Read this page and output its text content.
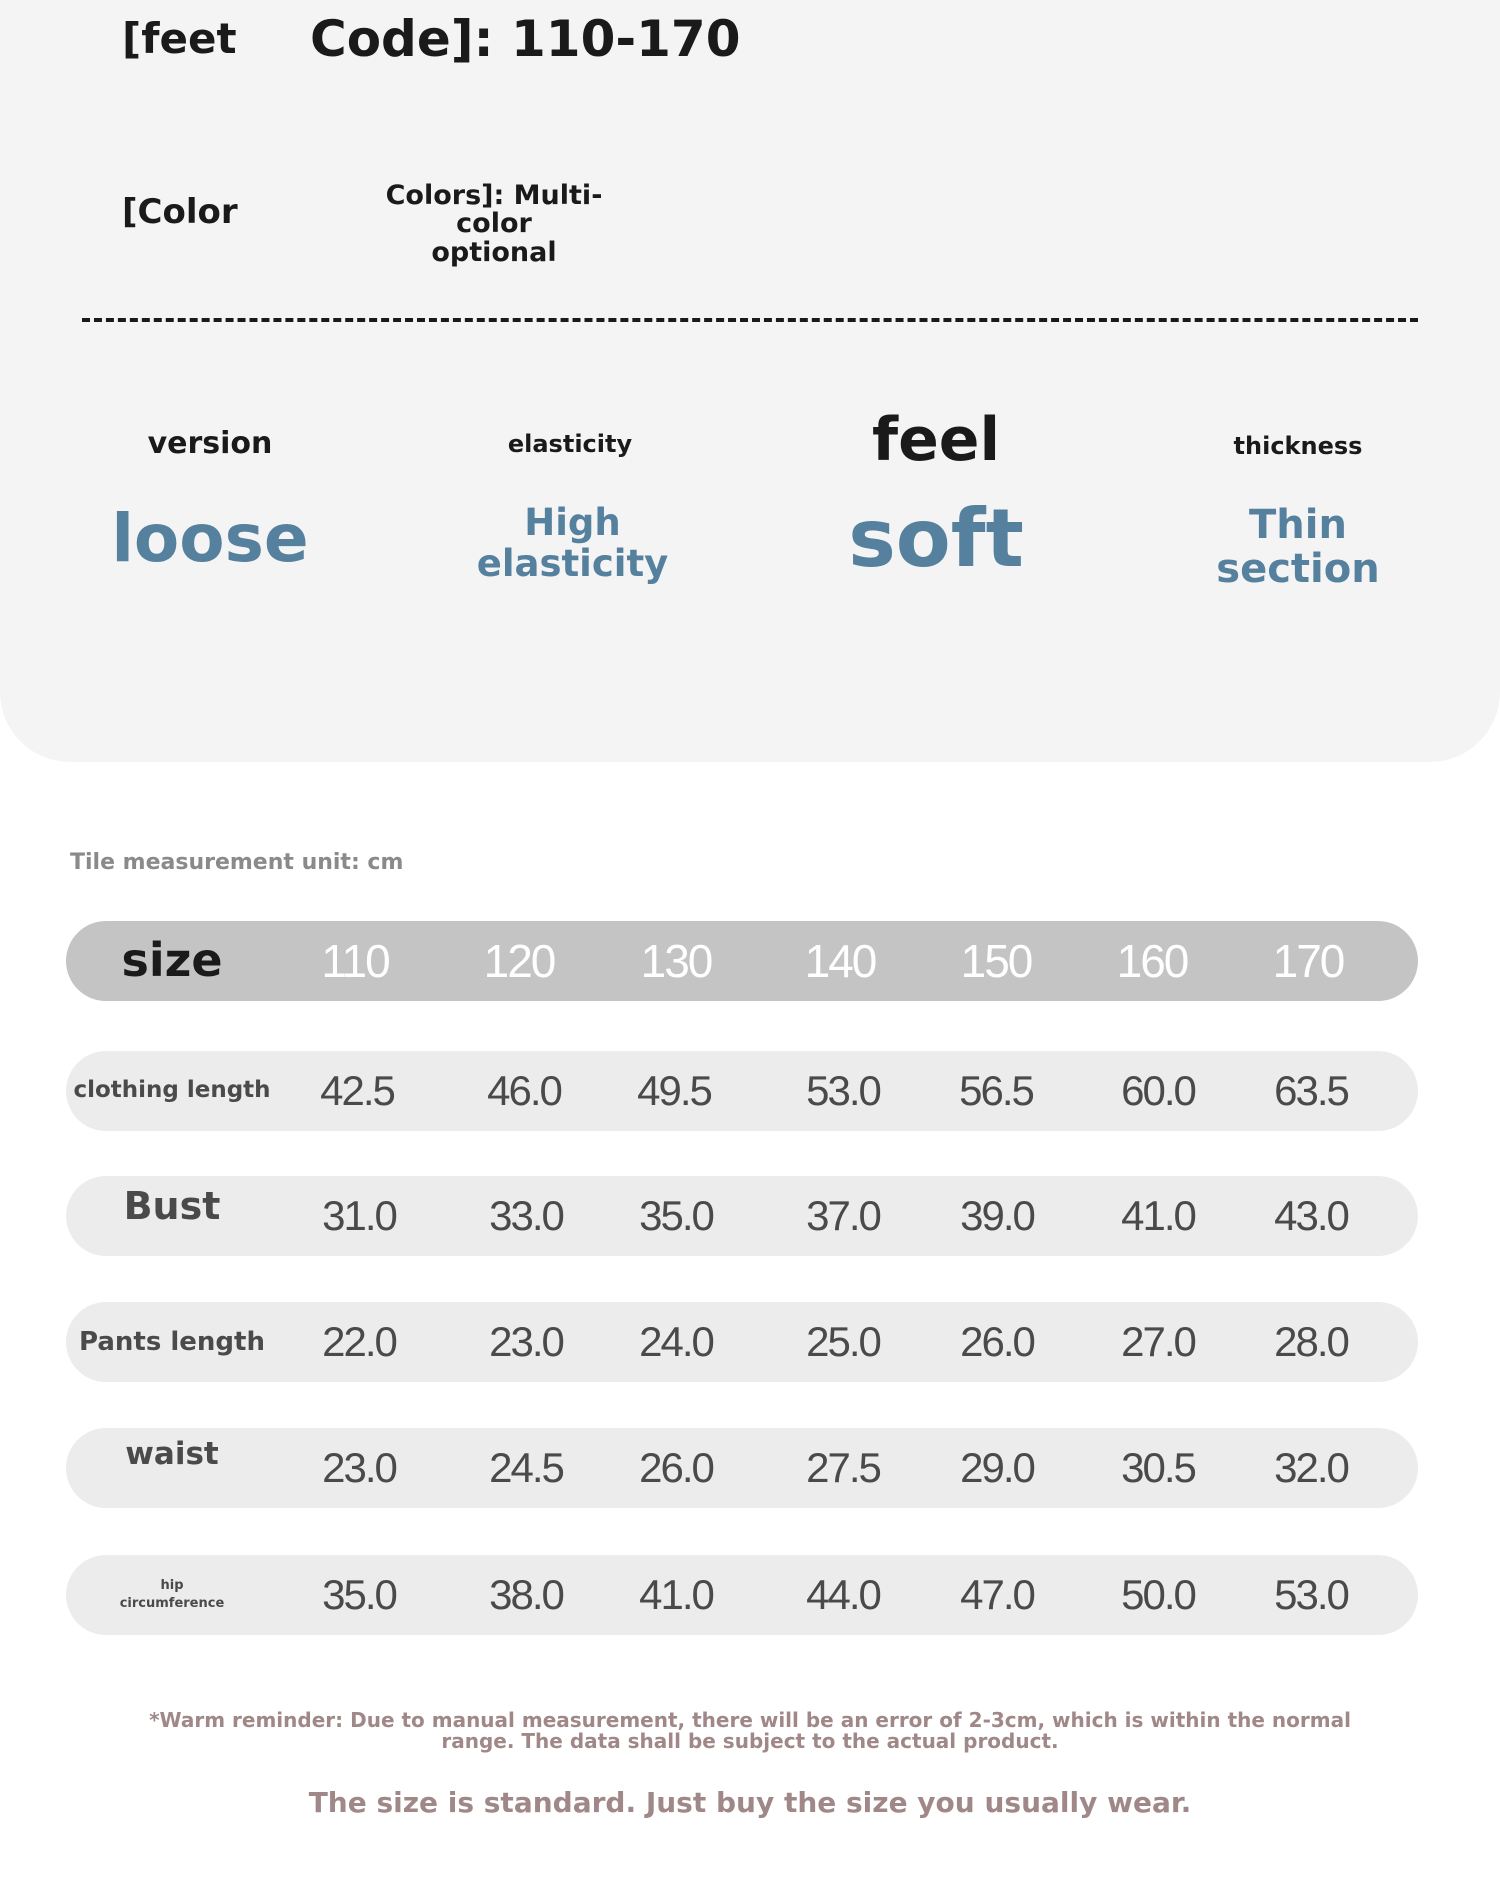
[feet Code]: 110-170
[Color	Colors]: Multi-color
optional
version
loose
elasticity
High elasticity
feel
soft
thickness
Thin section
Tile measurement unit: cm
size	110	120	130	140	150	160	170
clothing length	42.5	46.0	49.5	53.0	56.5	60.0	63.5
Bust	31.0	33.0	35.0	37.0	39.0	41.0	43.0
Pants length	22.0	23.0	24.0	25.0	26.0	27.0	28.0
waist	23.0	24.5	26.0	27.5	29.0	30.5	32.0
hip circumference	35.0	38.0	41.0	44.0	47.0	50.0	53.0
*Warm reminder: Due to manual measurement, there will be an error of 2-3cm, which is within the normal range. The data shall be subject to the actual product.
The size is standard. Just buy the size you usually wear.
